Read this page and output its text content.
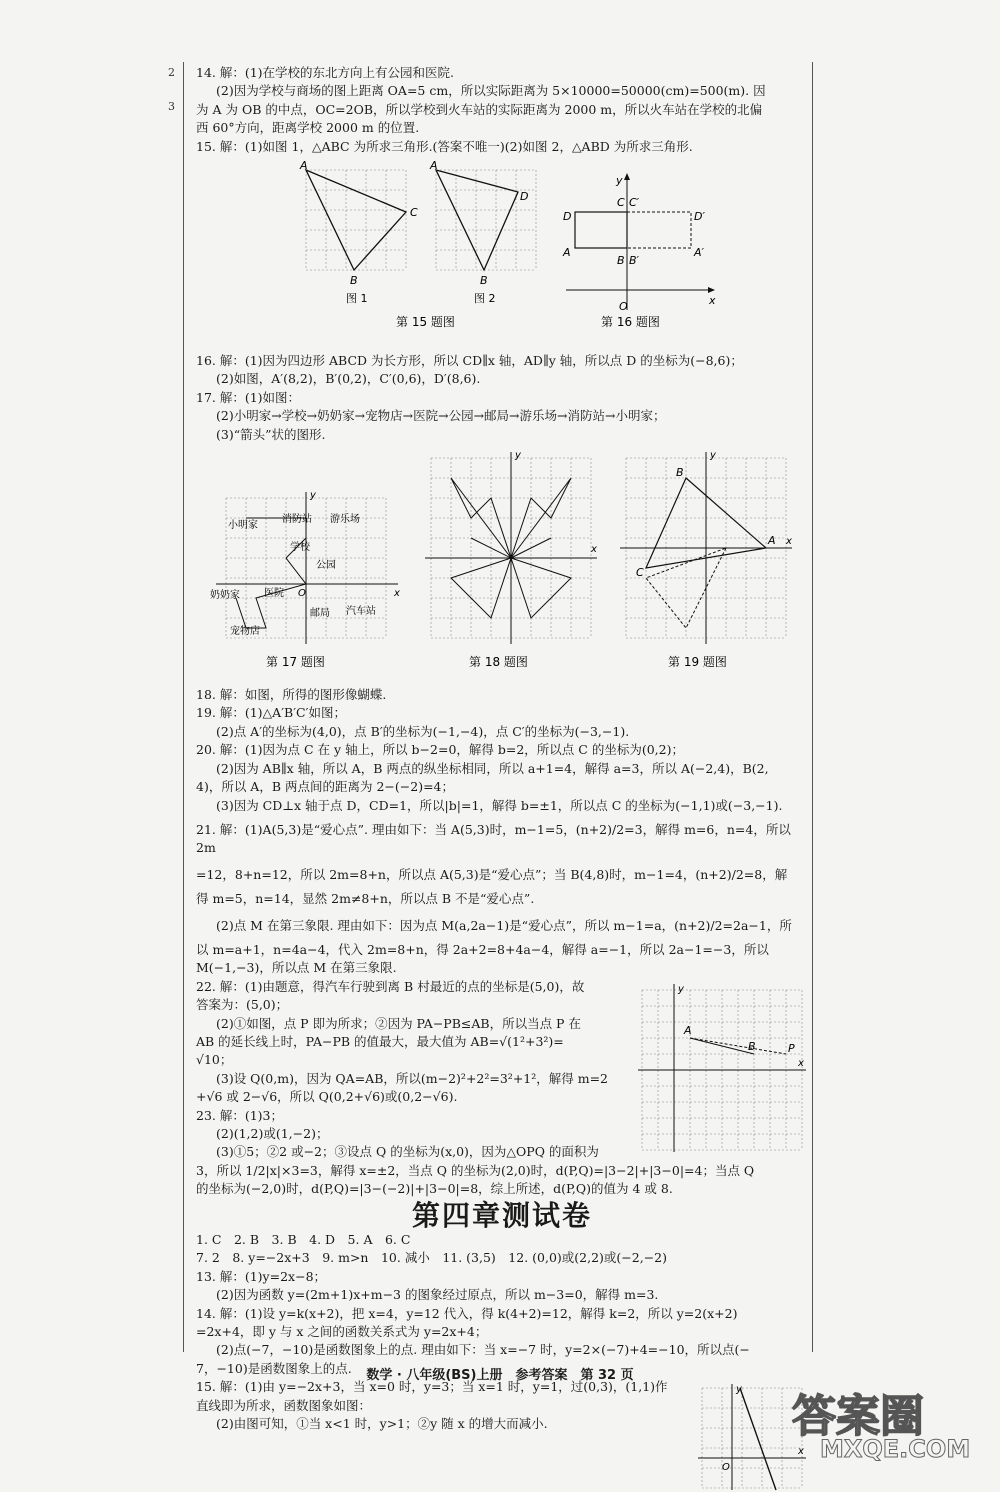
2
3

14. 解：(1)在学校的东北方向上有公园和医院.

(2)因为学校与商场的图上距离 OA=5 cm，所以实际距离为 5×10000=50000(cm)=500(m). 因

为 A 为 OB 的中点，OC=2OB，所以学校到火车站的实际距离为 2000 m，所以火车站在学校的北偏

西 60°方向，距离学校 2000 m 的位置.

15. 解：(1)如图 1，△ABC 为所求三角形.(答案不唯一)(2)如图 2，△ABD 为所求三角形.

A
C
B
图 1
A
D
B
图 2
第 15 题图
y
x
O
C C′
D	D′
A	A′
B B′
第 16 题图

16. 解：(1)因为四边形 ABCD 为长方形，所以 CD∥x 轴，AD∥y 轴，所以点 D 的坐标为(−8,6)；

(2)如图，A′(8,2)，B′(0,2)，C′(0,6)，D′(8,6).

17. 解：(1)如图：

(2)小明家→学校→奶奶家→宠物店→医院→公园→邮局→游乐场→消防站→小明家；

(3)“箭头”状的图形.

y
x
O
小明家
消防站 游乐场
学校
公园
奶奶家 医院
邮局 汽车站
宠物店
第 17 题图
y
x
第 18 题图
y
x
B
A
C
第 19 题图

18. 解：如图，所得的图形像蝴蝶.

19. 解：(1)△A′B′C′如图；

(2)点 A′的坐标为(4,0)，点 B′的坐标为(−1,−4)，点 C′的坐标为(−3,−1).

20. 解：(1)因为点 C 在 y 轴上，所以 b−2=0，解得 b=2，所以点 C 的坐标为(0,2)；

(2)因为 AB∥x 轴，所以 A，B 两点的纵坐标相同，所以 a+1=4，解得 a=3，所以 A(−2,4)，B(2,

4)，所以 A，B 两点间的距离为 2−(−2)=4；

(3)因为 CD⊥x 轴于点 D，CD=1，所以|b|=1，解得 b=±1，所以点 C 的坐标为(−1,1)或(−3,−1).

21. 解：(1)A(5,3)是“爱心点”. 理由如下：当 A(5,3)时，m−1=5，(n+2)/2=3，解得 m=6，n=4，所以 2m

=12，8+n=12，所以 2m=8+n，所以点 A(5,3)是“爱心点”；当 B(4,8)时，m−1=4，(n+2)/2=8，解

得 m=5，n=14，显然 2m≠8+n，所以点 B 不是“爱心点”.

(2)点 M 在第三象限. 理由如下：因为点 M(a,2a−1)是“爱心点”，所以 m−1=a，(n+2)/2=2a−1，所

以 m=a+1，n=4a−4，代入 2m=8+n，得 2a+2=8+4a−4，解得 a=−1，所以 2a−1=−3，所以

M(−1,−3)，所以点 M 在第三象限.

y
x
A
B	P

22. 解：(1)由题意，得汽车行驶到离 B 村最近的点的坐标是(5,0)，故

答案为：(5,0)；

(2)①如图，点 P 即为所求；②因为 PA−PB≤AB，所以当点 P 在

AB 的延长线上时，PA−PB 的值最大，最大值为 AB=√(1²+3²)=

√10；

(3)设 Q(0,m)，因为 QA=AB，所以(m−2)²+2²=3²+1²，解得 m=2

+√6 或 2−√6，所以 Q(0,2+√6)或(0,2−√6).

23. 解：(1)3；

(2)(1,2)或(1,−2)；

(3)①5；②2 或−2；③设点 Q 的坐标为(x,0)，因为△OPQ 的面积为

3，所以 1/2|x|×3=3，解得 x=±2，当点 Q 的坐标为(2,0)时，d(P,Q)=|3−2|+|3−0|=4；当点 Q

的坐标为(−2,0)时，d(P,Q)=|3−(−2)|+|3−0|=8，综上所述，d(P,Q)的值为 4 或 8.

第四章测试卷

1. C　2. B　3. B　4. D　5. A　6. C

7. 2　8. y=−2x+3　9. m>n　10. 减小　11. (3,5)　12. (0,0)或(2,2)或(−2,−2)

13. 解：(1)y=2x−8；

(2)因为函数 y=(2m+1)x+m−3 的图象经过原点，所以 m−3=0，解得 m=3.

14. 解：(1)设 y=k(x+2)，把 x=4，y=12 代入，得 k(4+2)=12，解得 k=2，所以 y=2(x+2)

=2x+4，即 y 与 x 之间的函数关系式为 y=2x+4；

(2)点(−7，−10)是函数图象上的点. 理由如下：当 x=−7 时，y=2×(−7)+4=−10，所以点(−

7，−10)是函数图象上的点.

y
x
O

15. 解：(1)由 y=−2x+3，当 x=0 时，y=3；当 x=1 时，y=1，过(0,3)，(1,1)作

直线即为所求，函数图象如图：

(2)由图可知，①当 x<1 时，y>1；②y 随 x 的增大而减小.

数学 · 八年级(BS)上册　参考答案　第 32 页
答案圈
MXQE.COM
